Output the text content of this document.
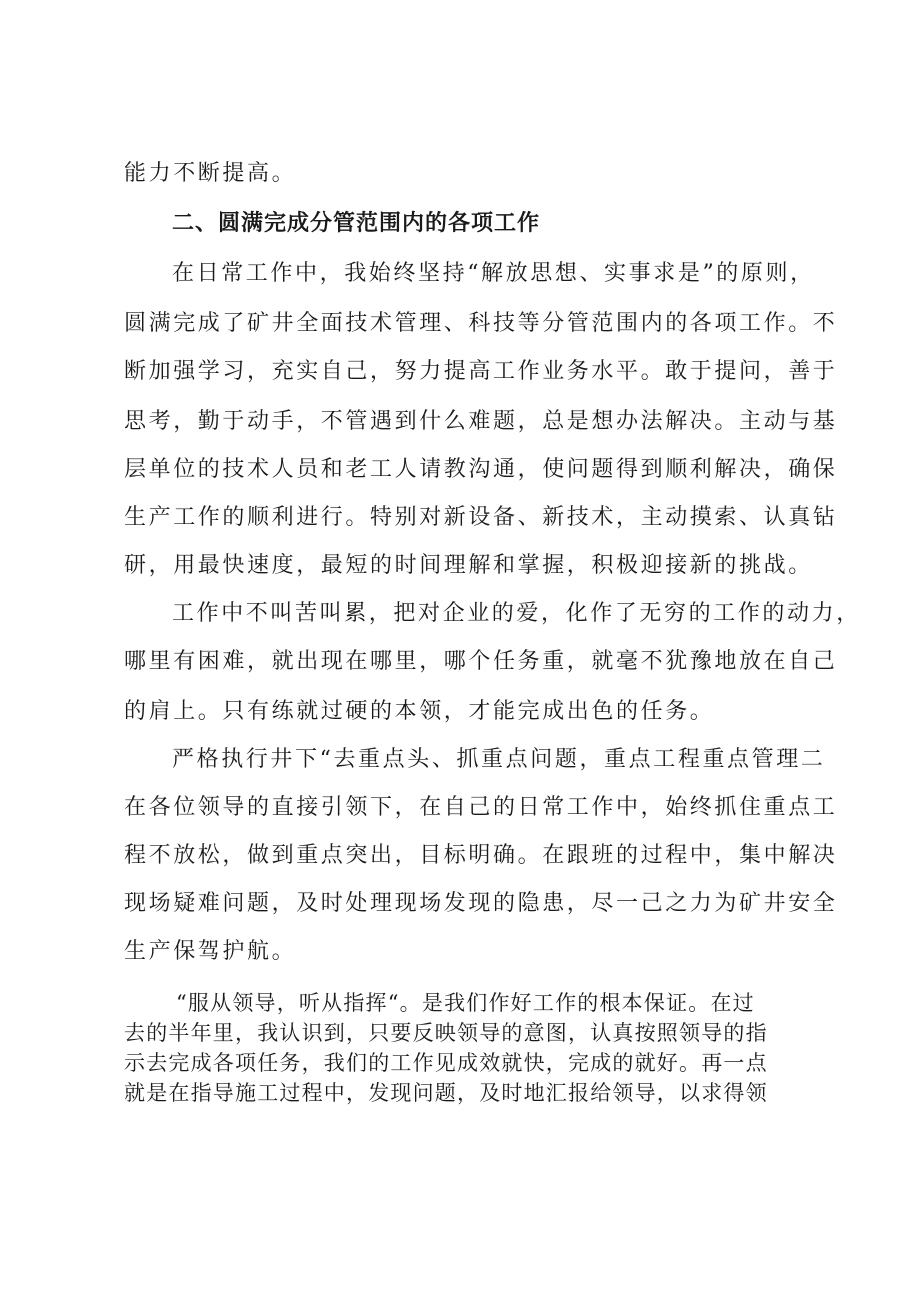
能力不断提高。
二、圆满完成分管范围内的各项工作
在日常工作中，我始终坚持“解放思想、实事求是”的原则，
圆满完成了矿井全面技术管理、科技等分管范围内的各项工作。不
断加强学习，充实自己，努力提高工作业务水平。敢于提问，善于
思考，勤于动手，不管遇到什么难题，总是想办法解决。主动与基
层单位的技术人员和老工人请教沟通，使问题得到顺利解决，确保
生产工作的顺利进行。特别对新设备、新技术，主动摸索、认真钻
研，用最快速度，最短的时间理解和掌握，积极迎接新的挑战。
工作中不叫苦叫累，把对企业的爱，化作了无穷的工作的动力，
哪里有困难，就出现在哪里，哪个任务重，就毫不犹豫地放在自己
的肩上。只有练就过硬的本领，才能完成出色的任务。
严格执行井下“去重点头、抓重点问题，重点工程重点管理二
在各位领导的直接引领下，在自己的日常工作中，始终抓住重点工
程不放松，做到重点突出，目标明确。在跟班的过程中，集中解决
现场疑难问题，及时处理现场发现的隐患，尽一己之力为矿井安全
生产保驾护航。
“服从领导，听从指挥“。是我们作好工作的根本保证。在过
去的半年里，我认识到，只要反映领导的意图，认真按照领导的指
示去完成各项任务，我们的工作见成效就快，完成的就好。再一点
就是在指导施工过程中，发现问题，及时地汇报给领导，以求得领
